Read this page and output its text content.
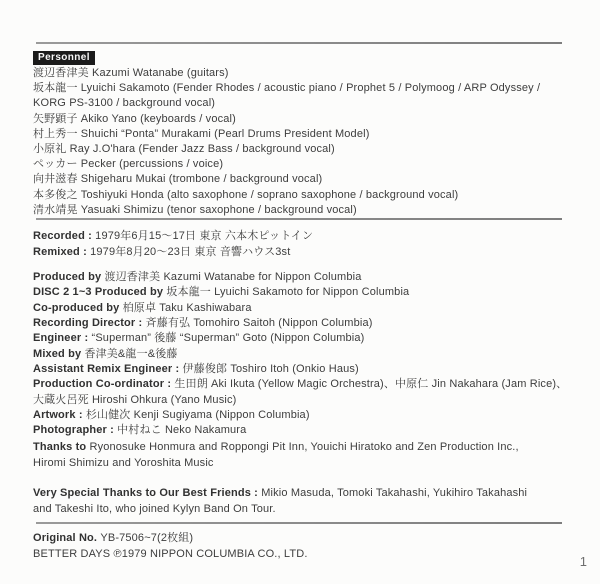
Personnel
渡辺香津美 Kazumi Watanabe (guitars)
坂本龍一 Lyuichi Sakamoto (Fender Rhodes / acoustic piano / Prophet 5 / Polymoog / ARP Odyssey /
KORG PS-3100 / background vocal)
矢野顕子 Akiko Yano (keyboards / vocal)
村上秀一 Shuichi “Ponta” Murakami (Pearl Drums President Model)
小原礼 Ray J.O'hara (Fender Jazz Bass / background vocal)
ペッカー Pecker (percussions / voice)
向井滋春 Shigeharu Mukai (trombone / background vocal)
本多俊之 Toshiyuki Honda (alto saxophone / soprano saxophone / background vocal)
清水靖晃 Yasuaki Shimizu (tenor saxophone / background vocal)
Recorded : 1979年6月15〜17日 東京 六本木ピットイン
Remixed : 1979年8月20〜23日 東京 音響ハウス3st
Produced by 渡辺香津美 Kazumi Watanabe for Nippon Columbia
DISC 2 1~3 Produced by 坂本龍一 Lyuichi Sakamoto for Nippon Columbia
Co-produced by 柏原卓 Taku Kashiwabara
Recording Director : 斉藤有弘 Tomohiro Saitoh (Nippon Columbia)
Engineer : “Superman” 後藤 “Superman” Goto (Nippon Columbia)
Mixed by 香津美&龍一&後藤
Assistant Remix Engineer : 伊藤俊郎 Toshiro Itoh (Onkio Haus)
Production Co-ordinator : 生田朗 Aki Ikuta (Yellow Magic Orchestra)、中原仁 Jin Nakahara (Jam Rice)、
大蔵火呂死 Hiroshi Ohkura (Yano Music)
Artwork : 杉山健次 Kenji Sugiyama (Nippon Columbia)
Photographer : 中村ねこ Neko Nakamura
Thanks to Ryonosuke Honmura and Roppongi Pit Inn, Youichi Hiratoko and Zen Production Inc.,
Hiromi Shimizu and Yoroshita Music
Very Special Thanks to Our Best Friends : Mikio Masuda, Tomoki Takahashi, Yukihiro Takahashi
and Takeshi Ito, who joined Kylyn Band On Tour.
Original No. YB-7506~7(2枚組)
BETTER DAYS ℗1979 NIPPON COLUMBIA CO., LTD.
1
